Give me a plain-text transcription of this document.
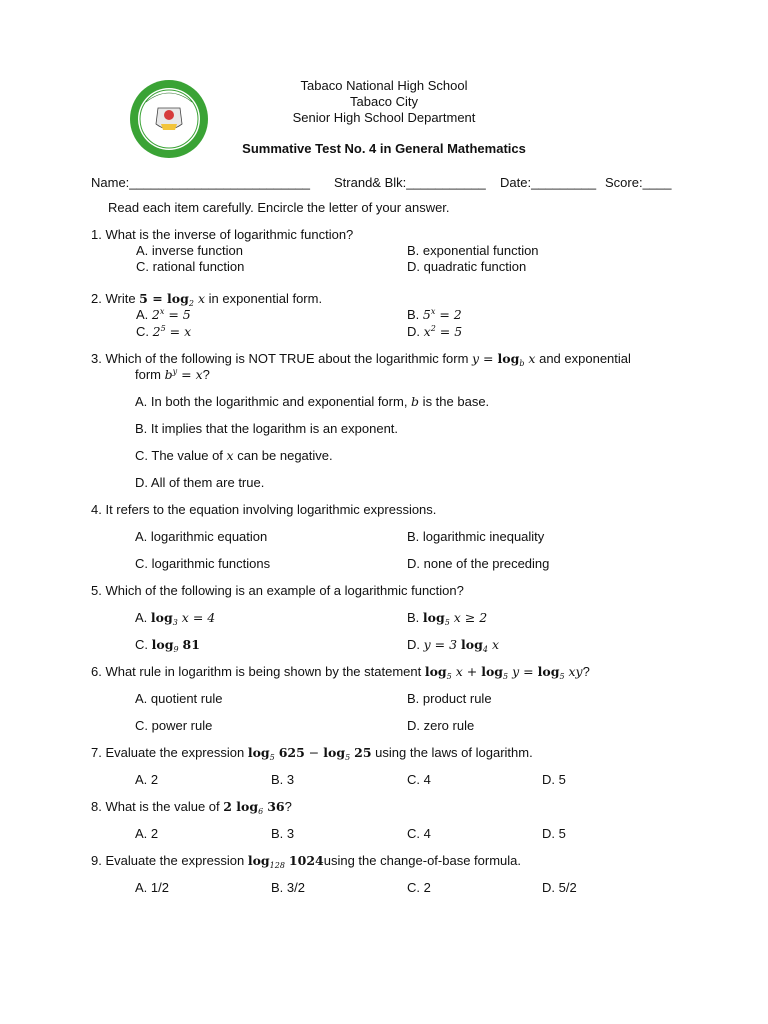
Tabaco National High School
Tabaco City
Senior High School Department
Summative Test No. 4 in General Mathematics
Name:_________________________ Strand& Blk:___________ Date:_________ Score:____
Read each item carefully. Encircle the letter of your answer.
1. What is the inverse of logarithmic function?
A. inverse function	B. exponential function
C. rational function	D. quadratic function
2. Write $5 = \log_2 x$ in exponential form.
A. $2^x = 5$	B. $5^x = 2$
C. $2^5 = x$	D. $x^2 = 5$
3. Which of the following is NOT TRUE about the logarithmic form $y = \log_b x$ and exponential
form $b^y = x$?
A. In both the logarithmic and exponential form, b is the base.
B. It implies that the logarithm is an exponent.
C. The value of x can be negative.
D. All of them are true.
4. It refers to the equation involving logarithmic expressions.
A. logarithmic equation	B. logarithmic inequality
C. logarithmic functions	D. none of the preceding
5. Which of the following is an example of a logarithmic function?
A. $\log_3 x = 4$	B. $\log_5 x \ge 2$
C. $\log_9 81$	D. y = 3 $\log_4 x$
6. What rule in logarithm is being shown by the statement $\log_5 x + \log_5 y = \log_5$ xy?
A. quotient rule	B. product rule
C. power rule	D. zero rule
7. Evaluate the expression $\log_5 625 - \log_5 25$ using the laws of logarithm.
A. 2	B. 3	C. 4	D. 5
8. What is the value of 2 $\log_6 36$?
A. 2	B. 3	C. 4	D. 5
9. Evaluate the expression $\log_{128} 1024using$ the change-of-base formula.
A. 1/2	B. 3/2	C. 2	D. 5/2
